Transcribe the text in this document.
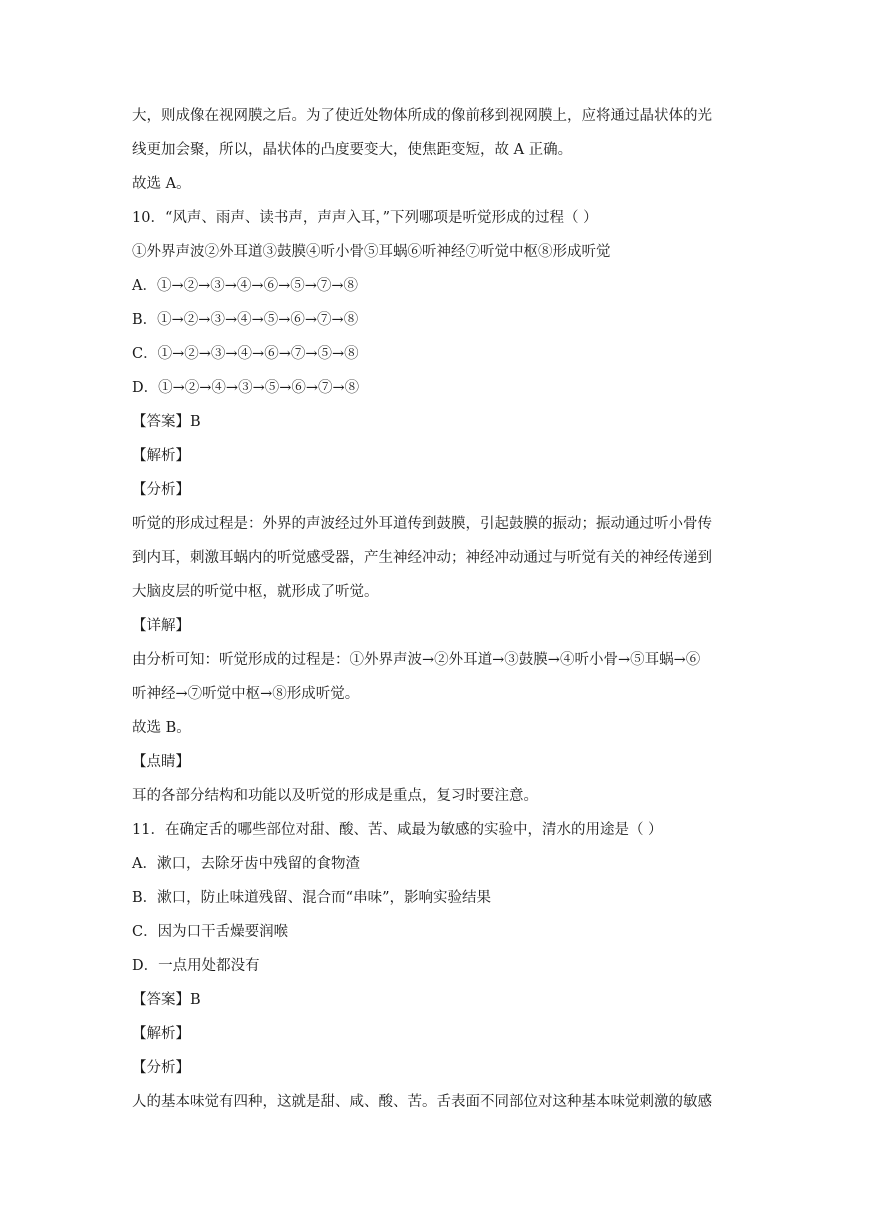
大，则成像在视网膜之后。为了使近处物体所成的像前移到视网膜上，应将通过晶状体的光
线更加会聚，所以，晶状体的凸度要变大，使焦距变短，故 A 正确。
故选 A。
10．“风声、雨声、读书声，声声入耳，”下列哪项是听觉形成的过程（ ）
①外界声波②外耳道③鼓膜④听小骨⑤耳蜗⑥听神经⑦听觉中枢⑧形成听觉
A．①→②→③→④→⑥→⑤→⑦→⑧
B．①→②→③→④→⑤→⑥→⑦→⑧
C．①→②→③→④→⑥→⑦→⑤→⑧
D．①→②→④→③→⑤→⑥→⑦→⑧
【答案】B
【解析】
【分析】
听觉的形成过程是：外界的声波经过外耳道传到鼓膜，引起鼓膜的振动；振动通过听小骨传
到内耳，刺激耳蜗内的听觉感受器，产生神经冲动；神经冲动通过与听觉有关的神经传递到
大脑皮层的听觉中枢，就形成了听觉。
【详解】
由分析可知：听觉形成的过程是：①外界声波→②外耳道→③鼓膜→④听小骨→⑤耳蜗→⑥
听神经→⑦听觉中枢→⑧形成听觉。
故选 B。
【点睛】
耳的各部分结构和功能以及听觉的形成是重点，复习时要注意。
11．在确定舌的哪些部位对甜、酸、苦、咸最为敏感的实验中，清水的用途是（ ）
A．漱口，去除牙齿中残留的食物渣
B．漱口，防止味道残留、混合而“串味”，影响实验结果
C．因为口干舌燥要润喉
D．一点用处都没有
【答案】B
【解析】
【分析】
人的基本味觉有四种，这就是甜、咸、酸、苦。舌表面不同部位对这种基本味觉刺激的敏感
